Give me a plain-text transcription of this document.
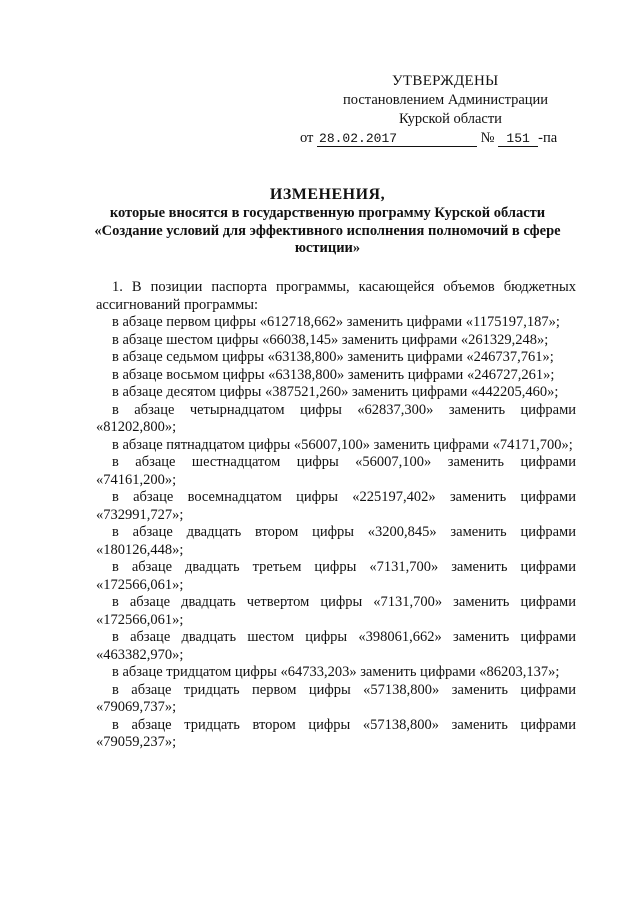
УТВЕРЖДЕНЫ
постановлением Администрации
Курской области
от 28.02.2017	№ 151 -па
ИЗМЕНЕНИЯ,
которые вносятся в государственную программу Курской области
«Создание условий для эффективного исполнения полномочий в сфере юстиции»

1. В позиции паспорта программы, касающейся объемов бюджетных ассигнований программы:

в абзаце первом цифры «612718,662» заменить цифрами «1175197,187»;

в абзаце шестом цифры «66038,145» заменить цифрами «261329,248»;

в абзаце седьмом цифры «63138,800» заменить цифрами «246737,761»;

в абзаце восьмом цифры «63138,800» заменить цифрами «246727,261»;

в абзаце десятом цифры «387521,260» заменить цифрами «442205,460»;

в абзаце четырнадцатом цифры «62837,300» заменить цифрами «81202,800»;

в абзаце пятнадцатом цифры «56007,100» заменить цифрами «74171,700»;

в абзаце шестнадцатом цифры «56007,100» заменить цифрами «74161,200»;

в абзаце восемнадцатом цифры «225197,402» заменить цифрами «732991,727»;

в абзаце двадцать втором цифры «3200,845» заменить цифрами «180126,448»;

в абзаце двадцать третьем цифры «7131,700» заменить цифрами «172566,061»;

в абзаце двадцать четвертом цифры «7131,700» заменить цифрами «172566,061»;

в абзаце двадцать шестом цифры «398061,662» заменить цифрами «463382,970»;

в абзаце тридцатом цифры «64733,203» заменить цифрами «86203,137»;

в абзаце тридцать первом цифры «57138,800» заменить цифрами «79069,737»;

в абзаце тридцать втором цифры «57138,800» заменить цифрами «79059,237»;
